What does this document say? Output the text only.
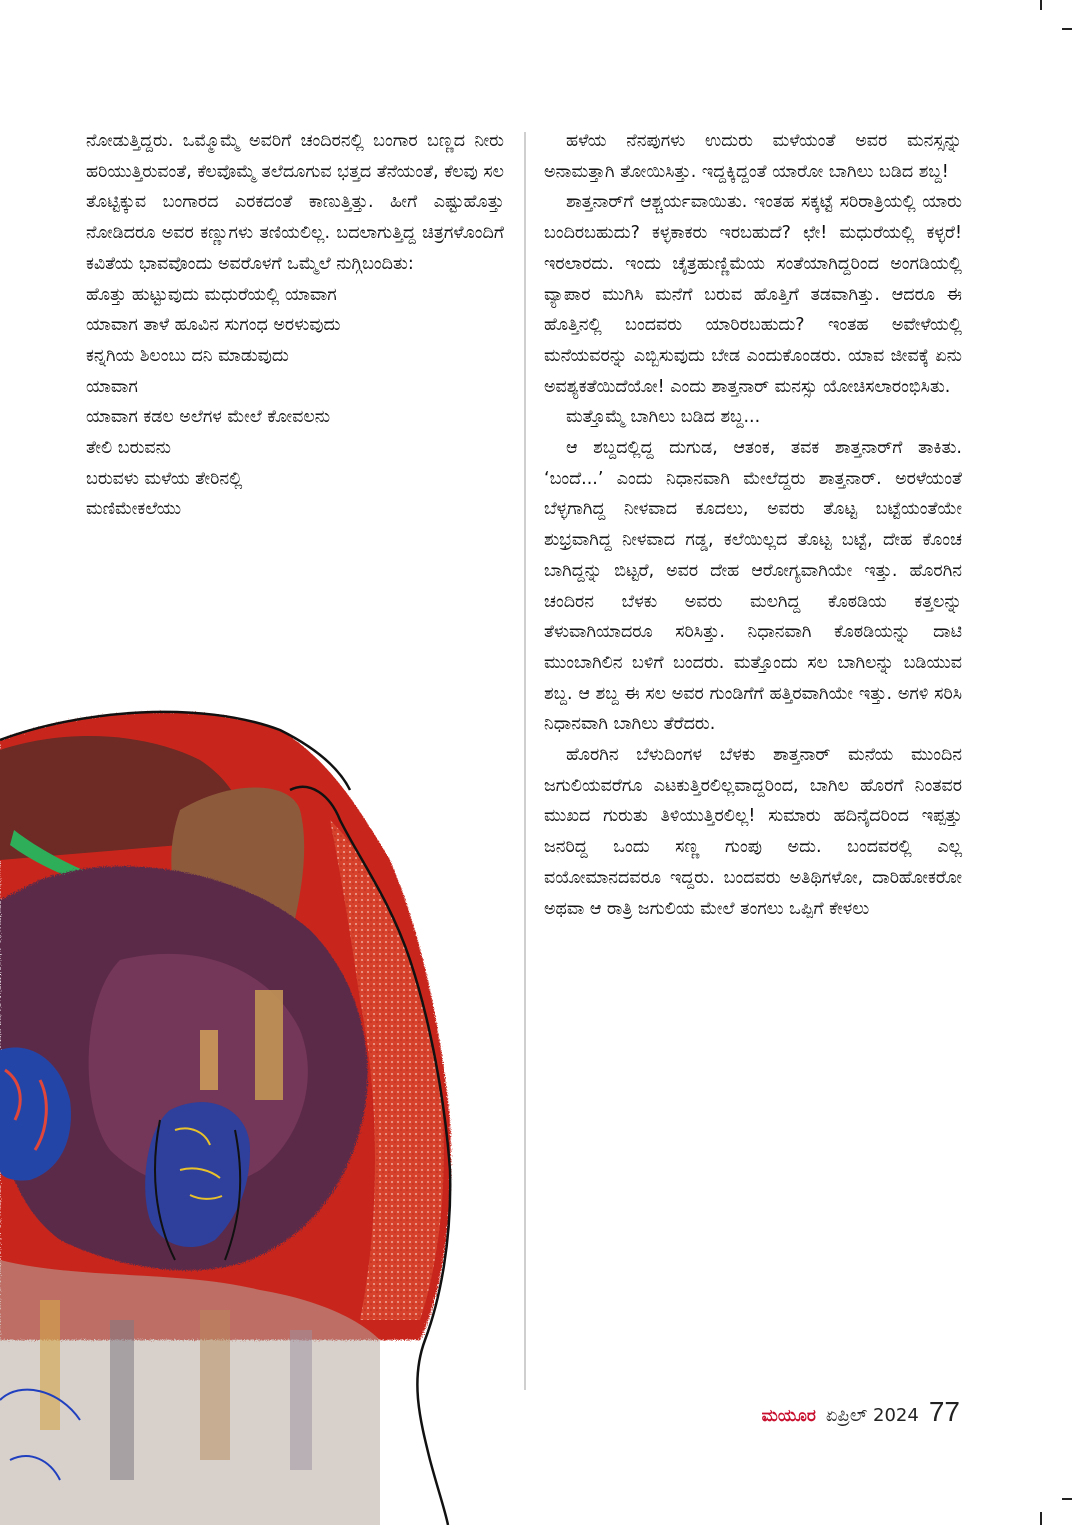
ನೋಡುತ್ತಿದ್ದರು. ಒಮ್ಮೊಮ್ಮೆ ಅವರಿಗೆ ಚಂದಿರನಲ್ಲಿ ಬಂಗಾರ ಬಣ್ಣದ ನೀರು ಹರಿಯುತ್ತಿರುವಂತೆ, ಕೆಲವೊಮ್ಮೆ ತಲೆದೂಗುವ ಭತ್ತದ ತೆನೆಯಂತೆ, ಕೆಲವು ಸಲ ತೊಟ್ಟಿಕ್ಕುವ ಬಂಗಾರದ ಎರಕದಂತೆ ಕಾಣುತ್ತಿತ್ತು. ಹೀಗೆ ಎಷ್ಟುಹೊತ್ತು ನೋಡಿದರೂ ಅವರ ಕಣ್ಣುಗಳು ತಣಿಯಲಿಲ್ಲ. ಬದಲಾಗುತ್ತಿದ್ದ ಚಿತ್ರಗಳೊಂದಿಗೆ ಕವಿತೆಯ ಭಾವವೊಂದು ಅವರೊಳಗೆ ಒಮ್ಮೆಲೆ ನುಗ್ಗಿಬಂದಿತು:

ಹೊತ್ತು ಹುಟ್ಟುವುದು ಮಧುರೆಯಲ್ಲಿ ಯಾವಾಗ

ಯಾವಾಗ ತಾಳೆ ಹೂವಿನ ಸುಗಂಧ ಅರಳುವುದು

ಕನ್ನಗಿಯ ಶಿಲಂಬು ದನಿ ಮಾಡುವುದು

ಯಾವಾಗ

ಯಾವಾಗ ಕಡಲ ಅಲೆಗಳ ಮೇಲೆ ಕೋವಲನು

ತೇಲಿ ಬರುವನು

ಬರುವಳು ಮಳೆಯ ತೇರಿನಲ್ಲಿ

ಮಣಿಮೇಕಲೆಯು

ಹಳೆಯ ನೆನಪುಗಳು ಉದುರು ಮಳೆಯಂತೆ ಅವರ ಮನಸ್ಸನ್ನು ಅನಾಮತ್ತಾಗಿ ತೋಯಿಸಿತ್ತು. ಇದ್ದಕ್ಕಿದ್ದಂತೆ ಯಾರೋ ಬಾಗಿಲು ಬಡಿದ ಶಬ್ದ!

ಶಾತ್ತನಾರ್‌ಗೆ ಆಶ್ಚರ್ಯವಾಯಿತು. ಇಂತಹ ಸಕ್ಕಟ್ಟೆ ಸರಿರಾತ್ರಿಯಲ್ಲಿ ಯಾರು ಬಂದಿರಬಹುದು? ಕಳ್ಳಕಾಕರು ಇರಬಹುದೆ? ಛೇ! ಮಧುರೆಯಲ್ಲಿ ಕಳ್ಳರೆ! ಇರಲಾರದು. ಇಂದು ಚೈತ್ರಹುಣ್ಣಿಮೆಯ ಸಂತೆಯಾಗಿದ್ದರಿಂದ ಅಂಗಡಿಯಲ್ಲಿ ವ್ಯಾಪಾರ ಮುಗಿಸಿ ಮನೆಗೆ ಬರುವ ಹೊತ್ತಿಗೆ ತಡವಾಗಿತ್ತು. ಆದರೂ ಈ ಹೊತ್ತಿನಲ್ಲಿ ಬಂದವರು ಯಾರಿರಬಹುದು? ಇಂತಹ ಅವೇಳೆಯಲ್ಲಿ ಮನೆಯವರನ್ನು ಎಬ್ಬಿಸುವುದು ಬೇಡ ಎಂದುಕೊಂಡರು. ಯಾವ ಜೀವಕ್ಕೆ ಏನು ಅವಶ್ಯಕತೆಯಿದೆಯೋ! ಎಂದು ಶಾತ್ತನಾರ್ ಮನಸ್ಸು ಯೋಚಿಸಲಾರಂಭಿಸಿತು.

ಮತ್ತೊಮ್ಮೆ ಬಾಗಿಲು ಬಡಿದ ಶಬ್ದ...

ಆ ಶಬ್ದದಲ್ಲಿದ್ದ ದುಗುಡ, ಆತಂಕ, ತವಕ ಶಾತ್ತನಾರ್‌ಗೆ ತಾಕಿತು. ‘ಬಂದೆ...’ ಎಂದು ನಿಧಾನವಾಗಿ ಮೇಲೆದ್ದರು ಶಾತ್ತನಾರ್. ಅರಳೆಯಂತೆ ಬೆಳ್ಳಗಾಗಿದ್ದ ನೀಳವಾದ ಕೂದಲು, ಅವರು ತೊಟ್ಟ ಬಟ್ಟೆಯಂತೆಯೇ ಶುಭ್ರವಾಗಿದ್ದ ನೀಳವಾದ ಗಡ್ಡ, ಕಲೆಯಿಲ್ಲದ ತೊಟ್ಟ ಬಟ್ಟೆ, ದೇಹ ಕೊಂಚ ಬಾಗಿದ್ದನ್ನು ಬಿಟ್ಟರೆ, ಅವರ ದೇಹ ಆರೋಗ್ಯವಾಗಿಯೇ ಇತ್ತು. ಹೊರಗಿನ ಚಂದಿರನ ಬೆಳಕು ಅವರು ಮಲಗಿದ್ದ ಕೊಠಡಿಯ ಕತ್ತಲನ್ನು ತೆಳುವಾಗಿಯಾದರೂ ಸರಿಸಿತ್ತು. ನಿಧಾನವಾಗಿ ಕೊಠಡಿಯನ್ನು ದಾಟಿ ಮುಂಬಾಗಿಲಿನ ಬಳಿಗೆ ಬಂದರು. ಮತ್ತೊಂದು ಸಲ ಬಾಗಿಲನ್ನು ಬಡಿಯುವ ಶಬ್ದ. ಆ ಶಬ್ದ ಈ ಸಲ ಅವರ ಗುಂಡಿಗೆಗೆ ಹತ್ತಿರವಾಗಿಯೇ ಇತ್ತು. ಅಗಳಿ ಸರಿಸಿ ನಿಧಾನವಾಗಿ ಬಾಗಿಲು ತೆರೆದರು.

ಹೊರಗಿನ ಬೆಳುದಿಂಗಳ ಬೆಳಕು ಶಾತ್ತನಾರ್ ಮನೆಯ ಮುಂದಿನ ಜಗುಲಿಯವರೆಗೂ ಎಟಕುತ್ತಿರಲಿಲ್ಲವಾದ್ದರಿಂದ, ಬಾಗಿಲ ಹೊರಗೆ ನಿಂತವರ ಮುಖದ ಗುರುತು ತಿಳಿಯುತ್ತಿರಲಿಲ್ಲ! ಸುಮಾರು ಹದಿನೈದರಿಂದ ಇಪ್ಪತ್ತು ಜನರಿದ್ದ ಒಂದು ಸಣ್ಣ ಗುಂಪು ಅದು. ಬಂದವರಲ್ಲಿ ಎಲ್ಲ ವಯೋಮಾನದವರೂ ಇದ್ದರು. ಬಂದವರು ಅತಿಥಿಗಳೋ, ದಾರಿಹೋಕರೋ ಅಥವಾ ಆ ರಾತ್ರಿ ಜಗುಲಿಯ ಮೇಲೆ ತಂಗಲು ಒಪ್ಪಿಗೆ ಕೇಳಲು

ಮಯೂರ ಏಪ್ರಿಲ್ 2024 77
